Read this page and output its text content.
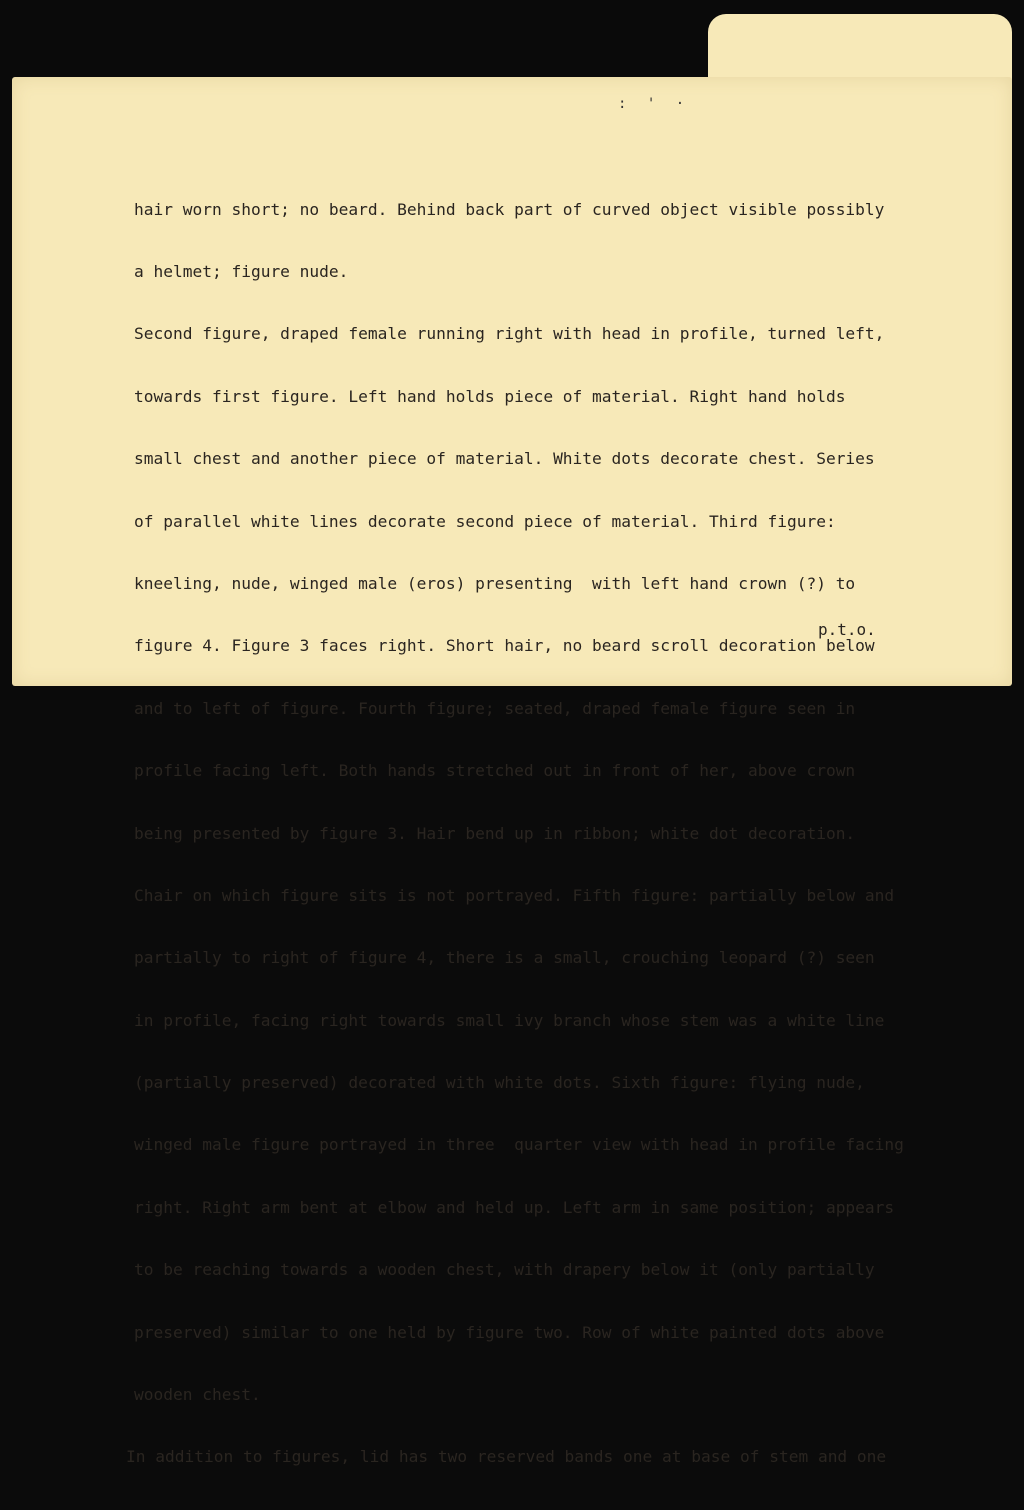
: ' ·

hair worn short; no beard. Behind back part of curved object visible possibly

a helmet; figure nude.

Second figure, draped female running right with head in profile, turned left,

towards first figure. Left hand holds piece of material. Right hand holds

small chest and another piece of material. White dots decorate chest. Series

of parallel white lines decorate second piece of material. Third figure:

kneeling, nude, winged male (eros) presenting  with left hand crown (?) to

figure 4. Figure 3 faces right. Short hair, no beard scroll decoration below

and to left of figure. Fourth figure; seated, draped female figure seen in

profile facing left. Both hands stretched out in front of her, above crown

being presented by figure 3. Hair bend up in ribbon; white dot decoration.

Chair on which figure sits is not portrayed. Fifth figure: partially below and

partially to right of figure 4, there is a small, crouching leopard (?) seen

in profile, facing right towards small ivy branch whose stem was a white line

(partially preserved) decorated with white dots. Sixth figure: flying nude,

winged male figure portrayed in three  quarter view with head in profile facing

right. Right arm bent at elbow and held up. Left arm in same position; appears

to be reaching towards a wooden chest, with drapery below it (only partially

preserved) similar to one held by figure two. Row of white painted dots above

wooden chest.

In addition to figures, lid has two reserved bands one at base of stem and one

p.t.o.
